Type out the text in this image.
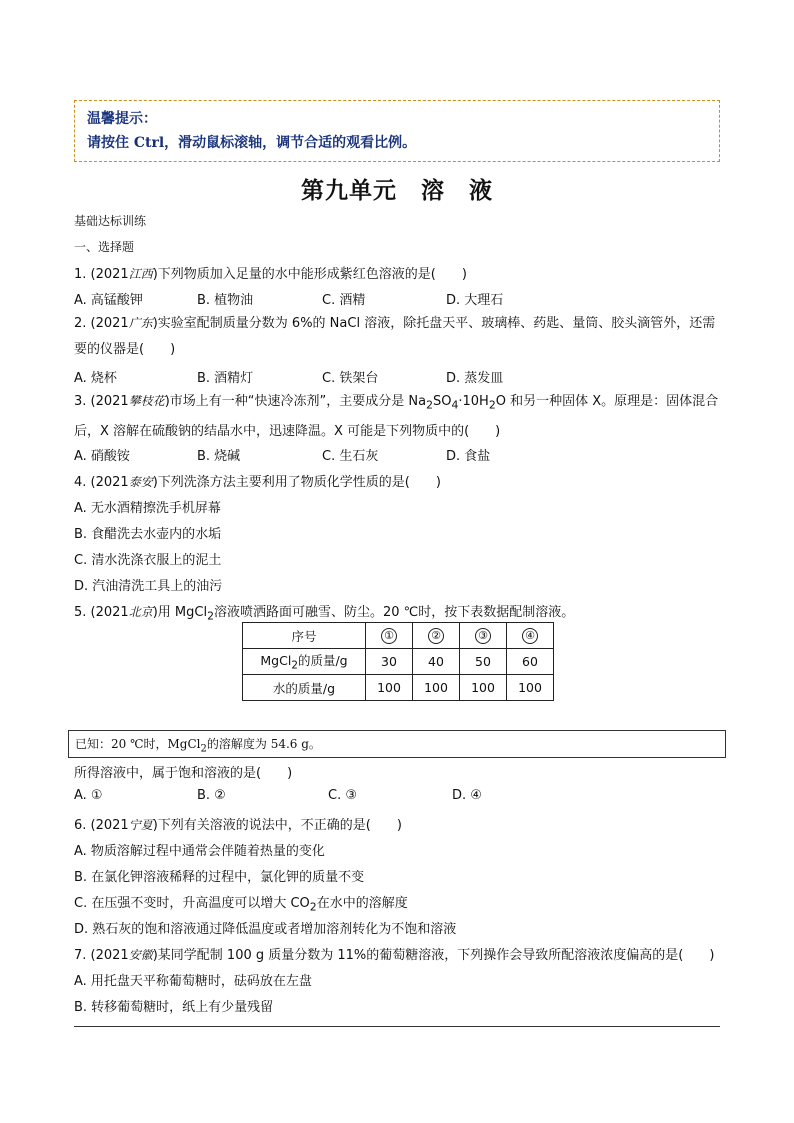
温馨提示：
请按住 Ctrl，滑动鼠标滚轴，调节合适的观看比例。
第九单元　溶　液
基础达标训练
一、选择题
1. (2021江西)下列物质加入足量的水中能形成紫红色溶液的是(　　)
A. 高锰酸钾	B. 植物油	C. 酒精	D. 大理石
2. (2021广东)实验室配制质量分数为 6%的 NaCl 溶液，除托盘天平、玻璃棒、药匙、量筒、胶头滴管外，还需要的仪器是(　　)
A. 烧杯	B. 酒精灯	C. 铁架台	D. 蒸发皿
3. (2021攀枝花)市场上有一种“快速冷冻剂”，主要成分是 $Na_2SO_4\cdot 10H_2O$ 和另一种固体 X。原理是：固体混合后，X 溶解在硫酸钠的结晶水中，迅速降温。X 可能是下列物质中的(　　)
A. 硝酸铵	B. 烧碱	C. 生石灰	D. 食盐
4. (2021泰安)下列洗涤方法主要利用了物质化学性质的是(　　)
A. 无水酒精擦洗手机屏幕
B. 食醋洗去水壶内的水垢
C. 清水洗涤衣服上的泥土
D. 汽油清洗工具上的油污
5. (2021北京)用 MgCl$_2$溶液喷洒路面可融雪、防尘。20 ℃时，按下表数据配制溶液。
序号	①	②	③	④
MgCl$_2$的质量/g	30	40	50	60
水的质量/g	100	100	100	100
已知：20 ℃时，MgCl$_2$的溶解度为 54.6 g。
所得溶液中，属于饱和溶液的是(　　)
A. ①	B. ②	C. ③	D. ④
6. (2021宁夏)下列有关溶液的说法中，不正确的是(　　)
A. 物质溶解过程中通常会伴随着热量的变化
B. 在氯化钾溶液稀释的过程中，氯化钾的质量不变
C. 在压强不变时，升高温度可以增大 $CO_2$在水中的溶解度
D. 熟石灰的饱和溶液通过降低温度或者增加溶剂转化为不饱和溶液
7. (2021安徽)某同学配制 100 g 质量分数为 11%的葡萄糖溶液，下列操作会导致所配溶液浓度偏高的是(　　)
A. 用托盘天平称葡萄糖时，砝码放在左盘
B. 转移葡萄糖时，纸上有少量残留
